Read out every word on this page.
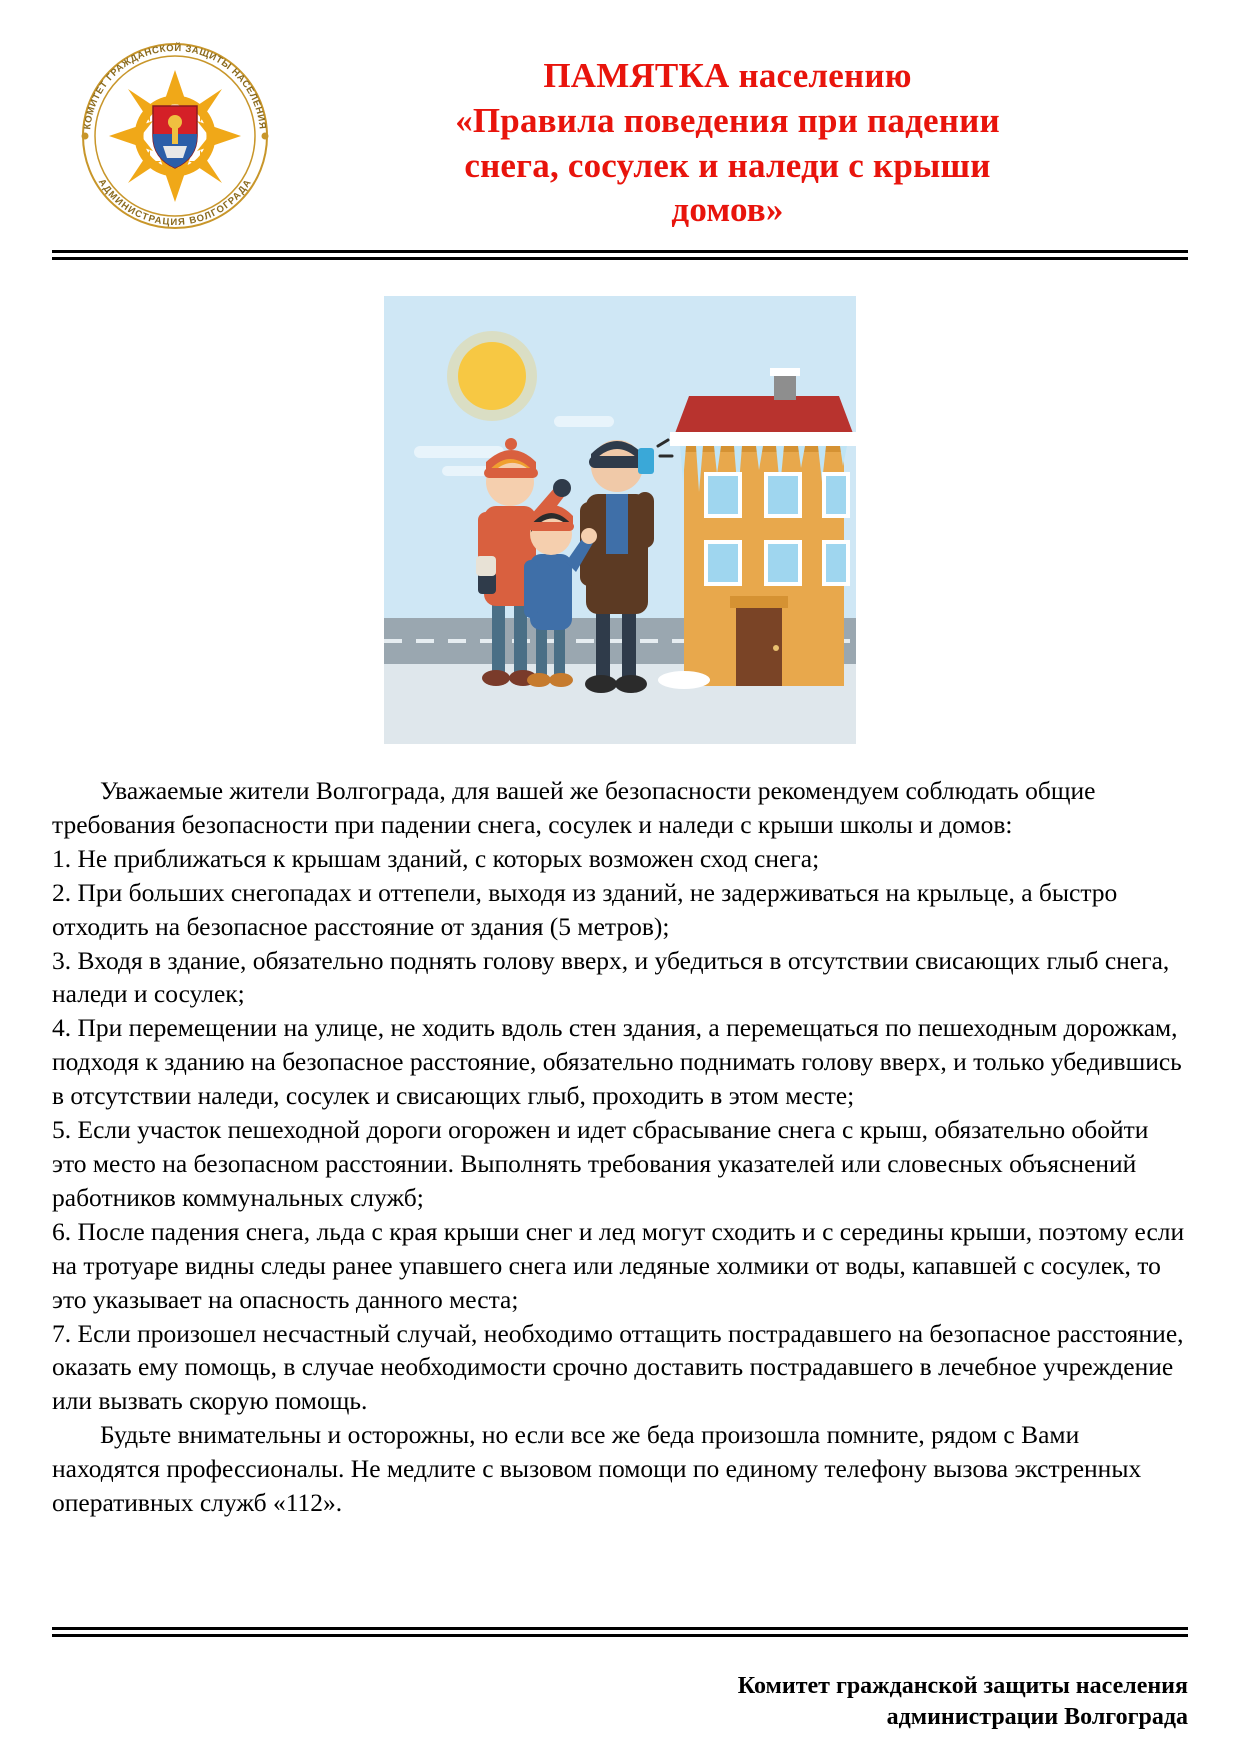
КОМИТЕТ ГРАЖДАНСКОЙ ЗАЩИТЫ НАСЕЛЕНИЯ
АДМИНИСТРАЦИЯ ВОЛГОГРАДА
ПАМЯТКА населению
«Правила поведения при падении
снега, сосулек и наледи с крыши
домов»

Уважаемые жители Волгограда, для вашей же безопасности рекомендуем соблюдать общие требования безопасности при падении снега, сосулек и наледи с крыши школы и домов:

1. Не приближаться к крышам зданий, с которых возможен сход снега;

2. При больших снегопадах и оттепели, выходя из зданий, не задерживаться на крыльце, а быстро отходить на безопасное расстояние от здания (5 метров);

3. Входя в здание, обязательно поднять голову вверх, и убедиться в отсутствии свисающих глыб снега, наледи и сосулек;

4. При перемещении на улице, не ходить вдоль стен здания, а перемещаться по пешеходным дорожкам, подходя к зданию на безопасное расстояние, обязательно поднимать голову вверх, и только убедившись в отсутствии наледи, сосулек и свисающих глыб, проходить в этом месте;

5. Если участок пешеходной дороги огорожен и идет сбрасывание снега с крыш, обязательно обойти это место на безопасном расстоянии. Выполнять требования указателей или словесных объяснений работников коммунальных служб;

6. После падения снега, льда с края крыши снег и лед могут сходить и с середины крыши, поэтому если на тротуаре видны следы ранее упавшего снега или ледяные холмики от воды, капавшей с сосулек, то это указывает на опасность данного места;

7. Если произошел несчастный случай, необходимо оттащить пострадавшего на безопасное расстояние, оказать ему помощь, в случае необходимости срочно доставить пострадавшего в лечебное учреждение или вызвать скорую помощь.

Будьте внимательны и осторожны, но если все же беда произошла помните, рядом с Вами находятся профессионалы. Не медлите с вызовом помощи по единому телефону вызова экстренных оперативных служб «112».

Комитет гражданской защиты населения
администрации Волгограда
